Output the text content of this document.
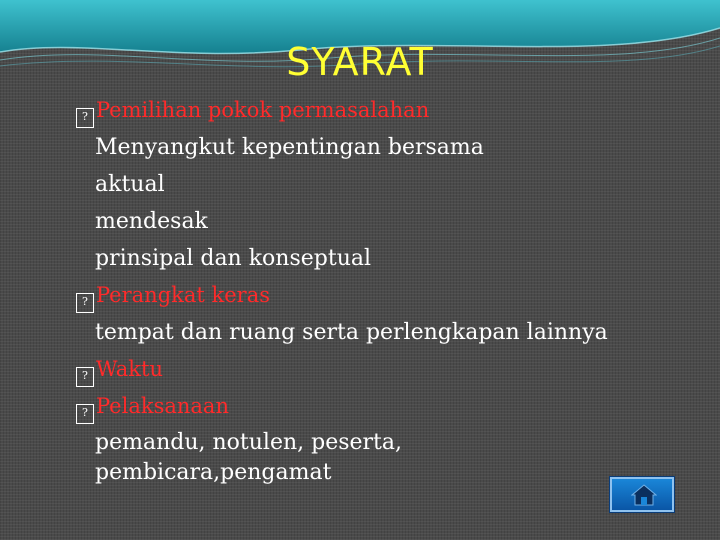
SYARAT
? Pemilihan pokok permasalahan
Menyangkut kepentingan bersama
aktual
mendesak
prinsipal dan konseptual
? Perangkat keras
tempat dan ruang serta perlengkapan lainnya
? Waktu
? Pelaksanaan
pemandu, notulen, peserta,
pembicara,pengamat
